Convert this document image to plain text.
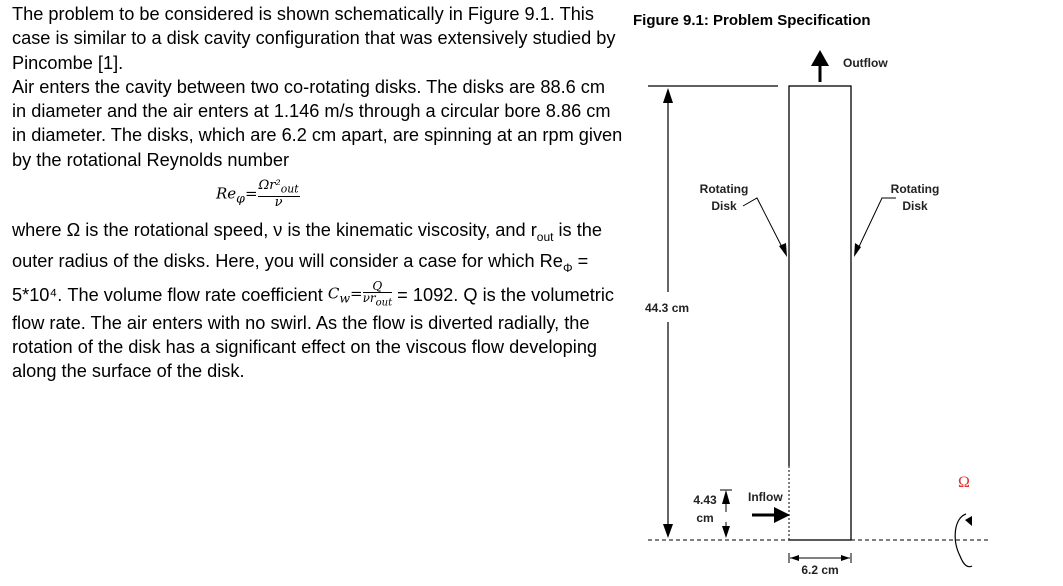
The problem to be considered is shown schematically in Figure 9.1. This case is similar to a disk cavity configuration that was extensively studied by Pincombe [1].

Air enters the cavity between two co-rotating disks. The disks are 88.6 cm in diameter and the air enters at 1.146 m/s through a circular bore 8.86 cm in diameter. The disks, which are 6.2 cm apart, are spinning at an rpm given by the rotational Reynolds number

$Re_\varphi= \frac{\Omega r^2_{out}}{\nu}$

where Ω is the rotational speed, ν is the kinematic viscosity, and $r_{out}$ is the outer radius of the disks. Here, you will consider a case for which $Re_\Phi = 5*10^4$. The volume flow rate coefficient $C_w= \frac{Q}{\nu r_{out}} = 1092$. Q is the volumetric flow rate. The air enters with no swirl. As the flow is diverted radially, the rotation of the disk has a significant effect on the viscous flow developing along the surface of the disk.

Figure 9.1: Problem Specification
44.3 cm
Outflow
Rotating
Disk
Rotating
Disk
4.43
cm
Inflow
6.2 cm
Ω
